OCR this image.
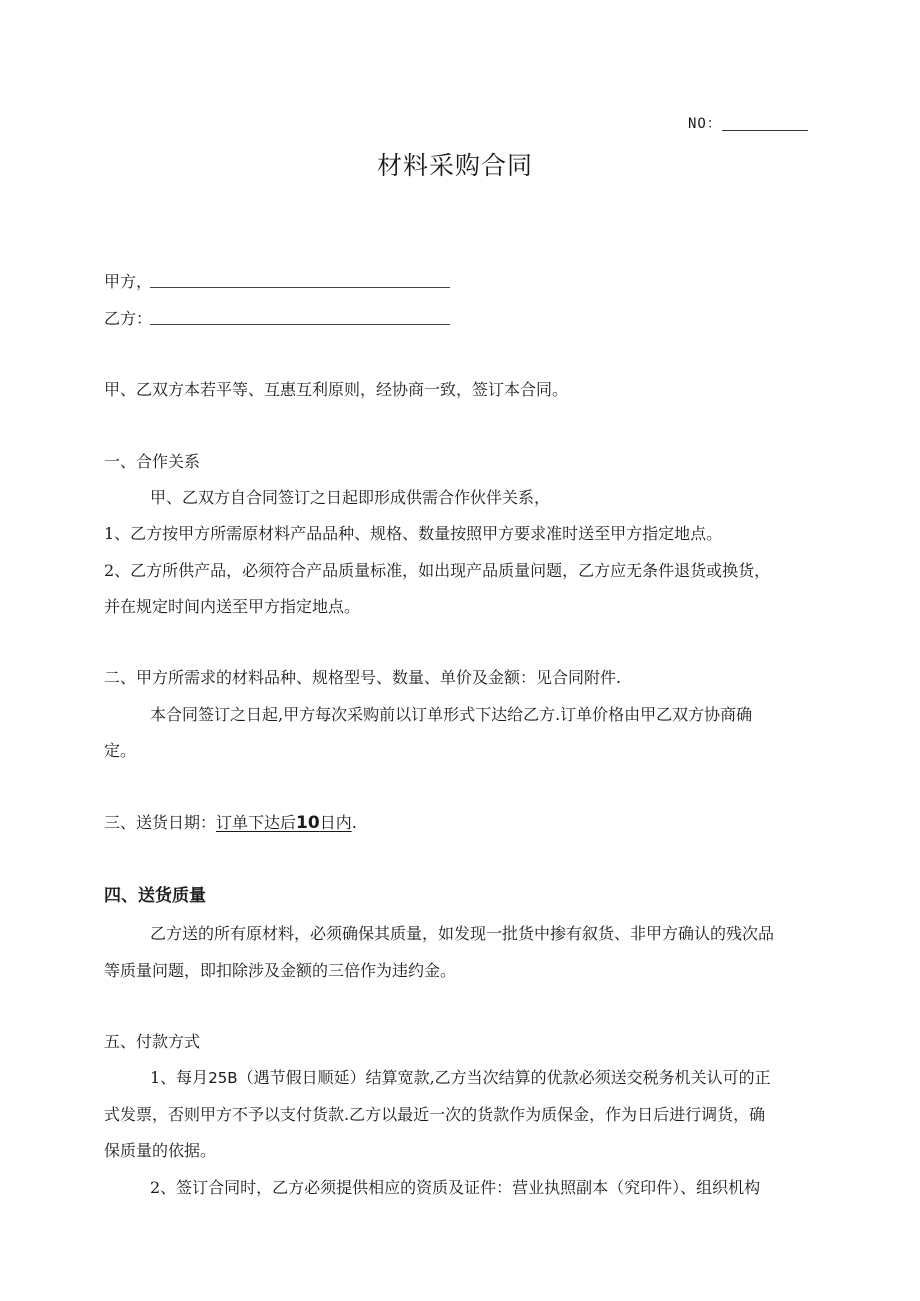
NO：
材料采购合同
甲方，
乙方：
甲、乙双方本若平等、互惠互利原则，经协商一致，签订本合同。
一、合作关系
甲、乙双方自合同签订之日起即形成供需合作伙伴关系，
1、乙方按甲方所需原材料产品品种、规格、数量按照甲方要求准时送至甲方指定地点。
2、乙方所供产品，必须符合产品质量标准，如出现产品质量问题，乙方应无条件退货或换货，
并在规定时间内送至甲方指定地点。
二、甲方所需求的材料品种、规格型号、数量、单价及金额：见合同附件.
本合同签订之日起,甲方每次采购前以订单形式下达给乙方.订单价格由甲乙双方协商确
定。
三、送货日期：订单下达后10日内.
四、送货质量
乙方送的所有原材料，必须确保其质量，如发现一批货中掺有叙货、非甲方确认的残次品
等质量问题，即扣除涉及金额的三倍作为违约金。
五、付款方式
1、每月25B（遇节假日顺延）结算宽款,乙方当次结算的优款必须送交税务机关认可的正
式发票，否则甲方不予以支付货款.乙方以最近一次的货款作为质保金，作为日后进行调货，确
保质量的依据。
2、签订合同时，乙方必须提供相应的资质及证件：营业执照副本（究印件）、组织机构
